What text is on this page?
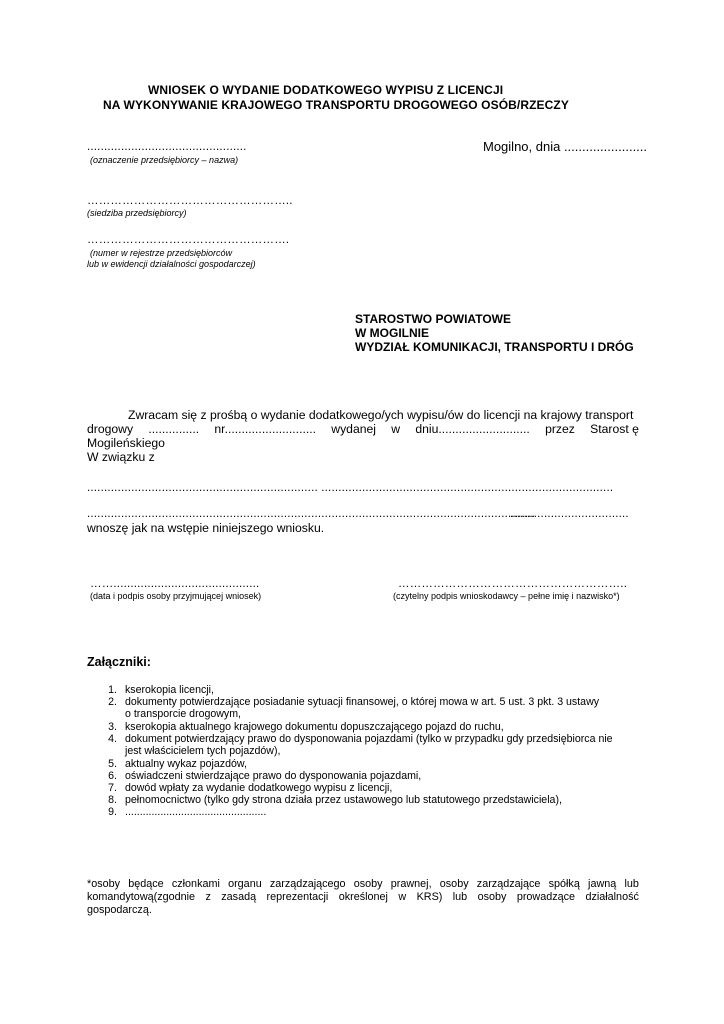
WNIOSEK O WYDANIE DODATKOWEGO WYPISU Z LICENCJI
NA WYKONYWANIE KRAJOWEGO TRANSPORTU DROGOWEGO OSÓB/RZECZY
...............................................
(oznaczenie przedsiębiorcy – nazwa)
Mogilno, dnia .......................
……………………………………………..
(siedziba przedsiębiorcy)
…………………………………………….
(numer w rejestrze przedsiębiorców
lub w ewidencji działalności gospodarczej)
STAROSTWO POWIATOWE
W MOGILNIE
WYDZIAŁ KOMUNIKACJI, TRANSPORTU I DRÓG
Zwracam się z prośbą o wydanie dodatkowego/ych wypisu/ów do licencji na krajowy transport
drogowy ............... nr........................... wydanej w dniu........................... przez Starost ę
Mogileńskiego
W związku z
.................................................................... ......................................................................................
....................................................................................................................................
...................................
wnoszę jak na wstępie niniejszego wniosku.
……...........................................
(data i podpis osoby przyjmującej wniosek)
…………………………………………………..
(czytelny podpis wnioskodawcy – pełne imię i nazwisko*)
Załączniki:
1. kserokopia licencji,
2. dokumenty potwierdzające posiadanie sytuacji finansowej, o której mowa w art. 5 ust. 3 pkt. 3 ustawy
o transporcie drogowym,
3. kserokopia aktualnego krajowego dokumentu dopuszczającego pojazd do ruchu,
4. dokument potwierdzający prawo do dysponowania pojazdami (tylko w przypadku gdy przedsiębiorca nie
jest właścicielem tych pojazdów),
5. aktualny wykaz pojazdów,
6. oświadczeni stwierdzające prawo do dysponowania pojazdami,
7. dowód wpłaty za wydanie dodatkowego wypisu z licencji,
8. pełnomocnictwo (tylko gdy strona działa przez ustawowego lub statutowego przedstawiciela),
9. ................................................
*osoby będące członkami organu zarządzającego osoby prawnej, osoby zarządzające spółką jawną lub
komandytową(zgodnie z zasadą reprezentacji określonej w KRS) lub osoby prowadzące działalność
gospodarczą.
